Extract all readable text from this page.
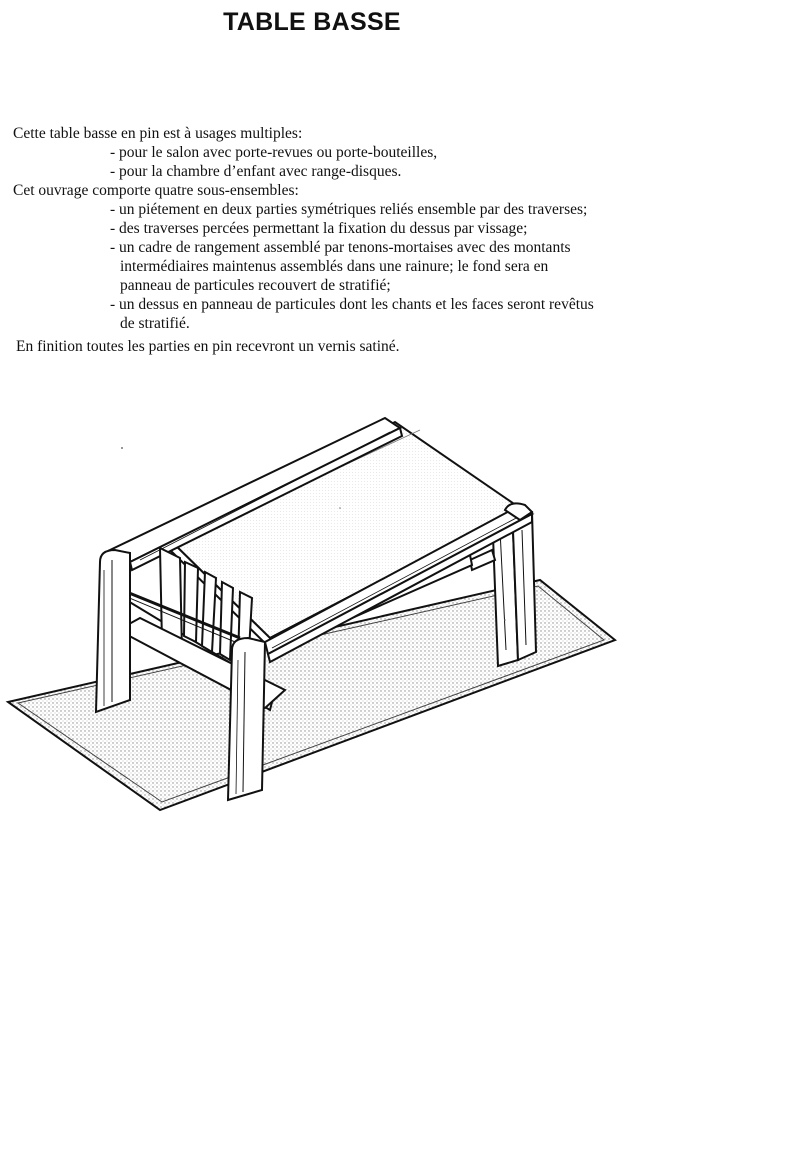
TABLE BASSE
Cette table basse en pin est à usages multiples:
- pour le salon avec porte-revues ou porte-bouteilles,
- pour la chambre d’enfant avec range-disques.
Cet ouvrage comporte quatre sous-ensembles:
- un piétement en deux parties symétriques reliés ensemble par des traverses;
- des traverses percées permettant la fixation du dessus par vissage;
- un cadre de rangement assemblé par tenons-mortaises avec des montants
intermédiaires maintenus assemblés dans une rainure; le fond sera en
panneau de particules recouvert de stratifié;
- un dessus en panneau de particules dont les chants et les faces seront revêtus
de stratifié.
En finition toutes les parties en pin recevront un vernis satiné.
